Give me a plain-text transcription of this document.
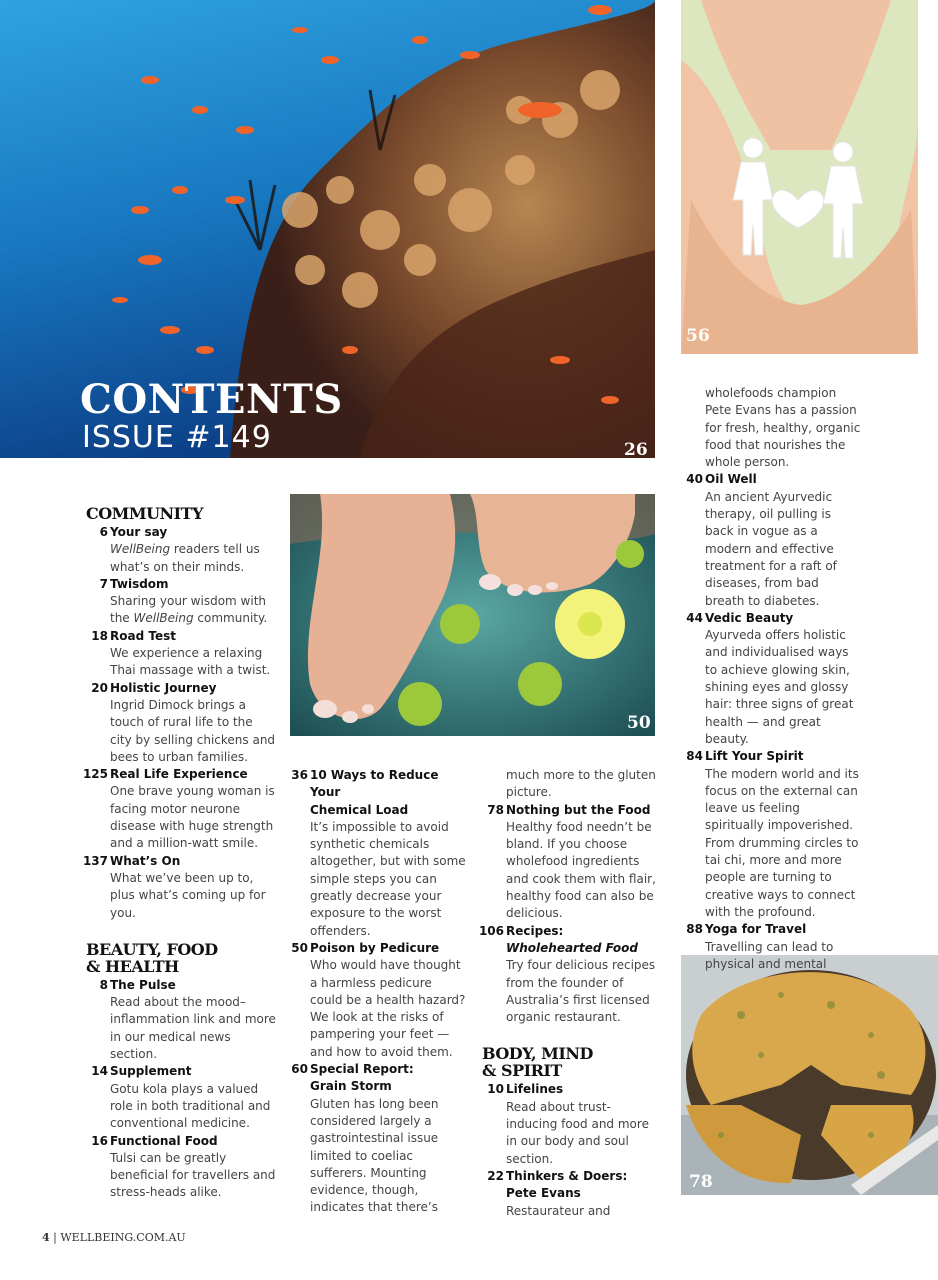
26
CONTENTS
ISSUE #149
56
50
78
COMMUNITY
6 Your say
WellBeing readers tell us what’s on their minds.
7 Twisdom
Sharing your wisdom with the WellBeing community.
18 Road Test
We experience a relaxing Thai massage with a twist.
20 Holistic Journey
Ingrid Dimock brings a touch of rural life to the city by selling chickens and bees to urban families.
125 Real Life Experience
One brave young woman is facing motor neurone disease with huge strength and a million-watt smile.
137 What’s On
What we’ve been up to, plus what’s coming up for you.
BEAUTY, FOOD
& HEALTH
8 The Pulse
Read about the mood–inflammation link and more in our medical news section.
14 Supplement
Gotu kola plays a valued role in both traditional and conventional medicine.
16 Functional Food
Tulsi can be greatly beneficial for travellers and stress-heads alike.
36 10 Ways to Reduce Your
Chemical Load
It’s impossible to avoid synthetic chemicals altogether, but with some simple steps you can greatly decrease your exposure to the worst offenders.
50 Poison by Pedicure
Who would have thought a harmless pedicure could be a health hazard? We look at the risks of pampering your feet — and how to avoid them.
60 Special Report:
Grain Storm
Gluten has long been considered largely a gastrointestinal issue limited to coeliac sufferers. Mounting evidence, though, indicates that there’s
much more to the gluten picture.
78 Nothing but the Food
Healthy food needn’t be bland. If you choose wholefood ingredients and cook them with flair, healthy food can also be delicious.
106 Recipes:
Wholehearted Food
Try four delicious recipes from the founder of Australia’s first licensed organic restaurant.
BODY, MIND
& SPIRIT
10 Lifelines
Read about trust-inducing food and more in our body and soul section.
22 Thinkers & Doers:
Pete Evans
Restaurateur and
wholefoods champion Pete Evans has a passion for fresh, healthy, organic food that nourishes the whole person.
40 Oil Well
An ancient Ayurvedic therapy, oil pulling is back in vogue as a modern and effective treatment for a raft of diseases, from bad breath to diabetes.
44 Vedic Beauty
Ayurveda offers holistic and individualised ways to achieve glowing skin, shining eyes and glossy hair: three signs of great health — and great beauty.
84 Lift Your Spirit
The modern world and its focus on the external can leave us feeling spiritually impoverished. From drumming circles to tai chi, more and more people are turning to creative ways to connect with the profound.
88 Yoga for Travel
Travelling can lead to physical and mental
4 | WELLBEING.COM.AU
